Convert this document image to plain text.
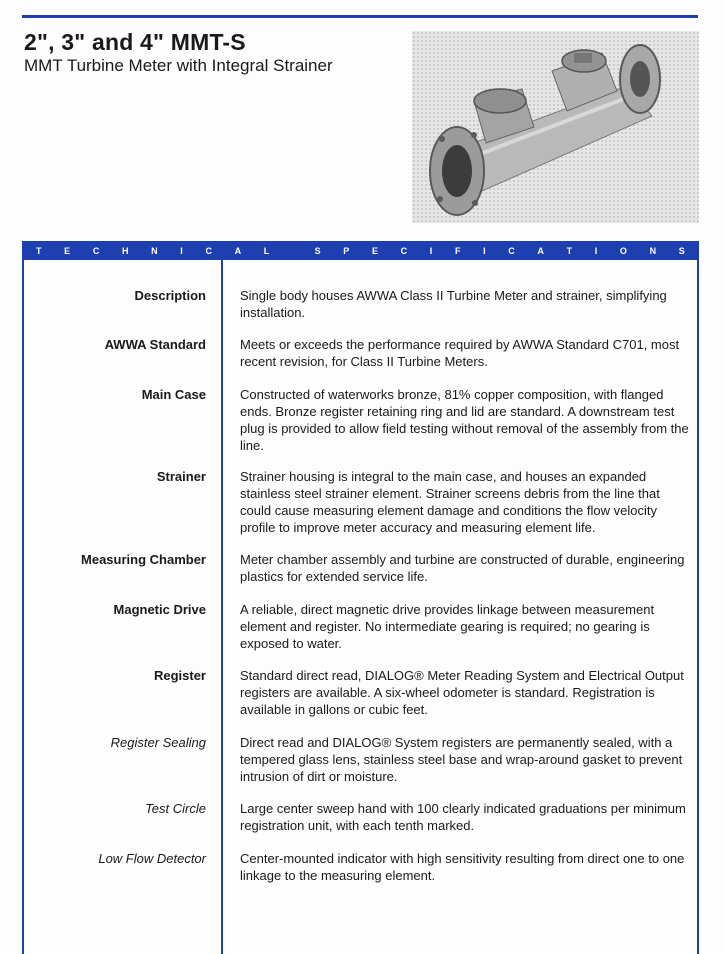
2", 3" and 4" MMT-S
MMT Turbine Meter with Integral Strainer
T	E	C	H	N	I	C	A	L	S	P	E	C	I	F	I	C	A	T	I	O	N	S
Description	Single body houses AWWA Class II Turbine Meter and strainer, simplifying installation.
AWWA Standard	Meets or exceeds the performance required by AWWA Standard C701, most recent revision, for Class II Turbine Meters.
Main Case	Constructed of waterworks bronze, 81% copper composition, with flanged ends. Bronze register retaining ring and lid are standard. A downstream test plug is provided to allow field testing without removal of the assembly from the line.
Strainer	Strainer housing is integral to the main case, and houses an expanded stainless steel strainer element. Strainer screens debris from the line that could cause measuring element damage and conditions the flow velocity profile to improve meter accuracy and measuring element life.
Measuring Chamber	Meter chamber assembly and turbine are constructed of durable, engineering plastics for extended service life.
Magnetic Drive	A reliable, direct magnetic drive provides linkage between measurement element and register. No intermediate gearing is required; no gearing is exposed to water.
Register	Standard direct read, DIALOG® Meter Reading System and Electrical Output registers are available. A six-wheel odometer is standard. Registration is available in gallons or cubic feet.
Register Sealing	Direct read and DIALOG® System registers are permanently sealed, with a tempered glass lens, stainless steel base and wrap-around gasket to prevent intrusion of dirt or moisture.
Test Circle	Large center sweep hand with 100 clearly indicated graduations per minimum registration unit, with each tenth marked.
Low Flow Detector	Center-mounted indicator with high sensitivity resulting from direct one to one linkage to the measuring element.
